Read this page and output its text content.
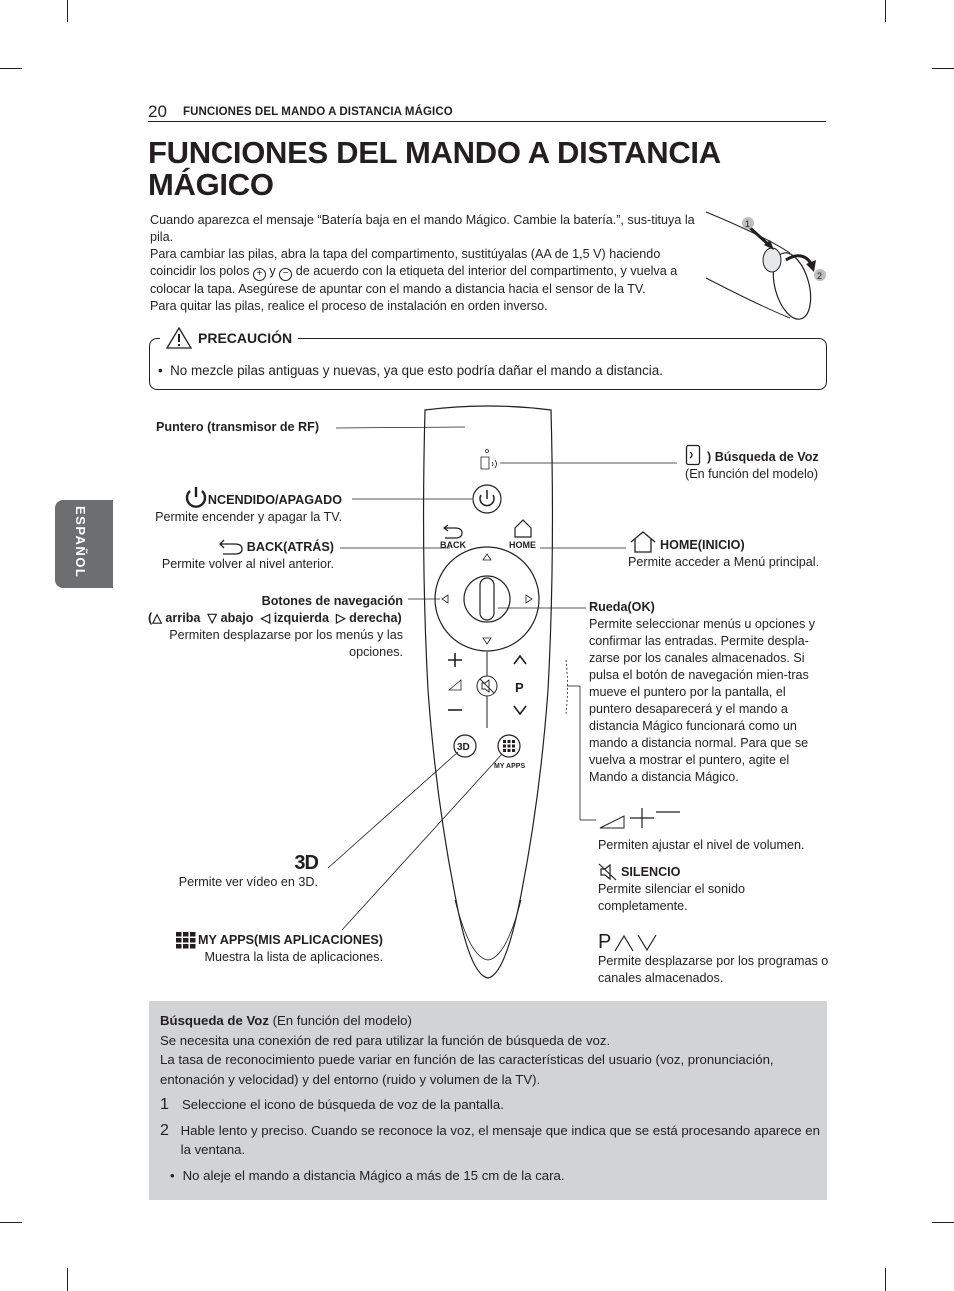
20 FUNCIONES DEL MANDO A DISTANCIA MÁGICO
FUNCIONES DEL MANDO A DISTANCIA MÁGICO
ESPAÑOL

Cuando aparezca el mensaje “Batería baja en el mando Mágico. Cambie la batería.”, sus-tituya la pila.

Para cambiar las pilas, abra la tapa del compartimento, sustitúyalas (AA de 1,5 V) haciendo coincidir los polos + y − de acuerdo con la etiqueta del interior del compartimento, y vuelva a colocar la tapa. Asegúrese de apuntar con el mando a distancia hacia el sensor de la TV.

Para quitar las pilas, realice el proceso de instalación en orden inverso.

1
2
PRECAUCIÓN
•  No mezcle pilas antiguas y nuevas, ya que esto podría dañar el mando a distancia.
BACK	HOME
P
3D
MY APPS
Puntero (transmisor de RF)
NCENDIDO/APAGADO
Permite encender y apagar la TV.
BACK(ATRÁS)
Permite volver al nivel anterior.
Botones de navegación
(△ arriba ▽ abajo ◁ izquierda ▷ derecha)
Permiten desplazarse por los menús y las opciones.
3D
Permite ver vídeo en 3D.
MY APPS(MIS APLICACIONES)
Muestra la lista de aplicaciones.
) Búsqueda de Voz
(En función del modelo)
HOME(INICIO)
Permite acceder a Menú principal.
Rueda(OK)
Permite seleccionar menús u opciones y confirmar las entradas. Permite despla-zarse por los canales almacenados. Si pulsa el botón de navegación mien-tras mueve el puntero por la pantalla, el puntero desaparecerá y el mando a distancia Mágico funcionará como un mando a distancia normal. Para que se vuelva a mostrar el puntero, agite el Mando a distancia Mágico.
Permiten ajustar el nivel de volumen.
SILENCIO
Permite silenciar el sonido completamente.
P
Permite desplazarse por los programas o canales almacenados.

Búsqueda de Voz (En función del modelo)

Se necesita una conexión de red para utilizar la función de búsqueda de voz.

La tasa de reconocimiento puede variar en función de las características del usuario (voz, pronunciación, entonación y velocidad) y del entorno (ruido y volumen de la TV).

1 Seleccione el icono de búsqueda de voz de la pantalla.
2 Hable lento y preciso. Cuando se reconoce la voz, el mensaje que indica que se está procesando aparece en la ventana.
• No aleje el mando a distancia Mágico a más de 15 cm de la cara.
